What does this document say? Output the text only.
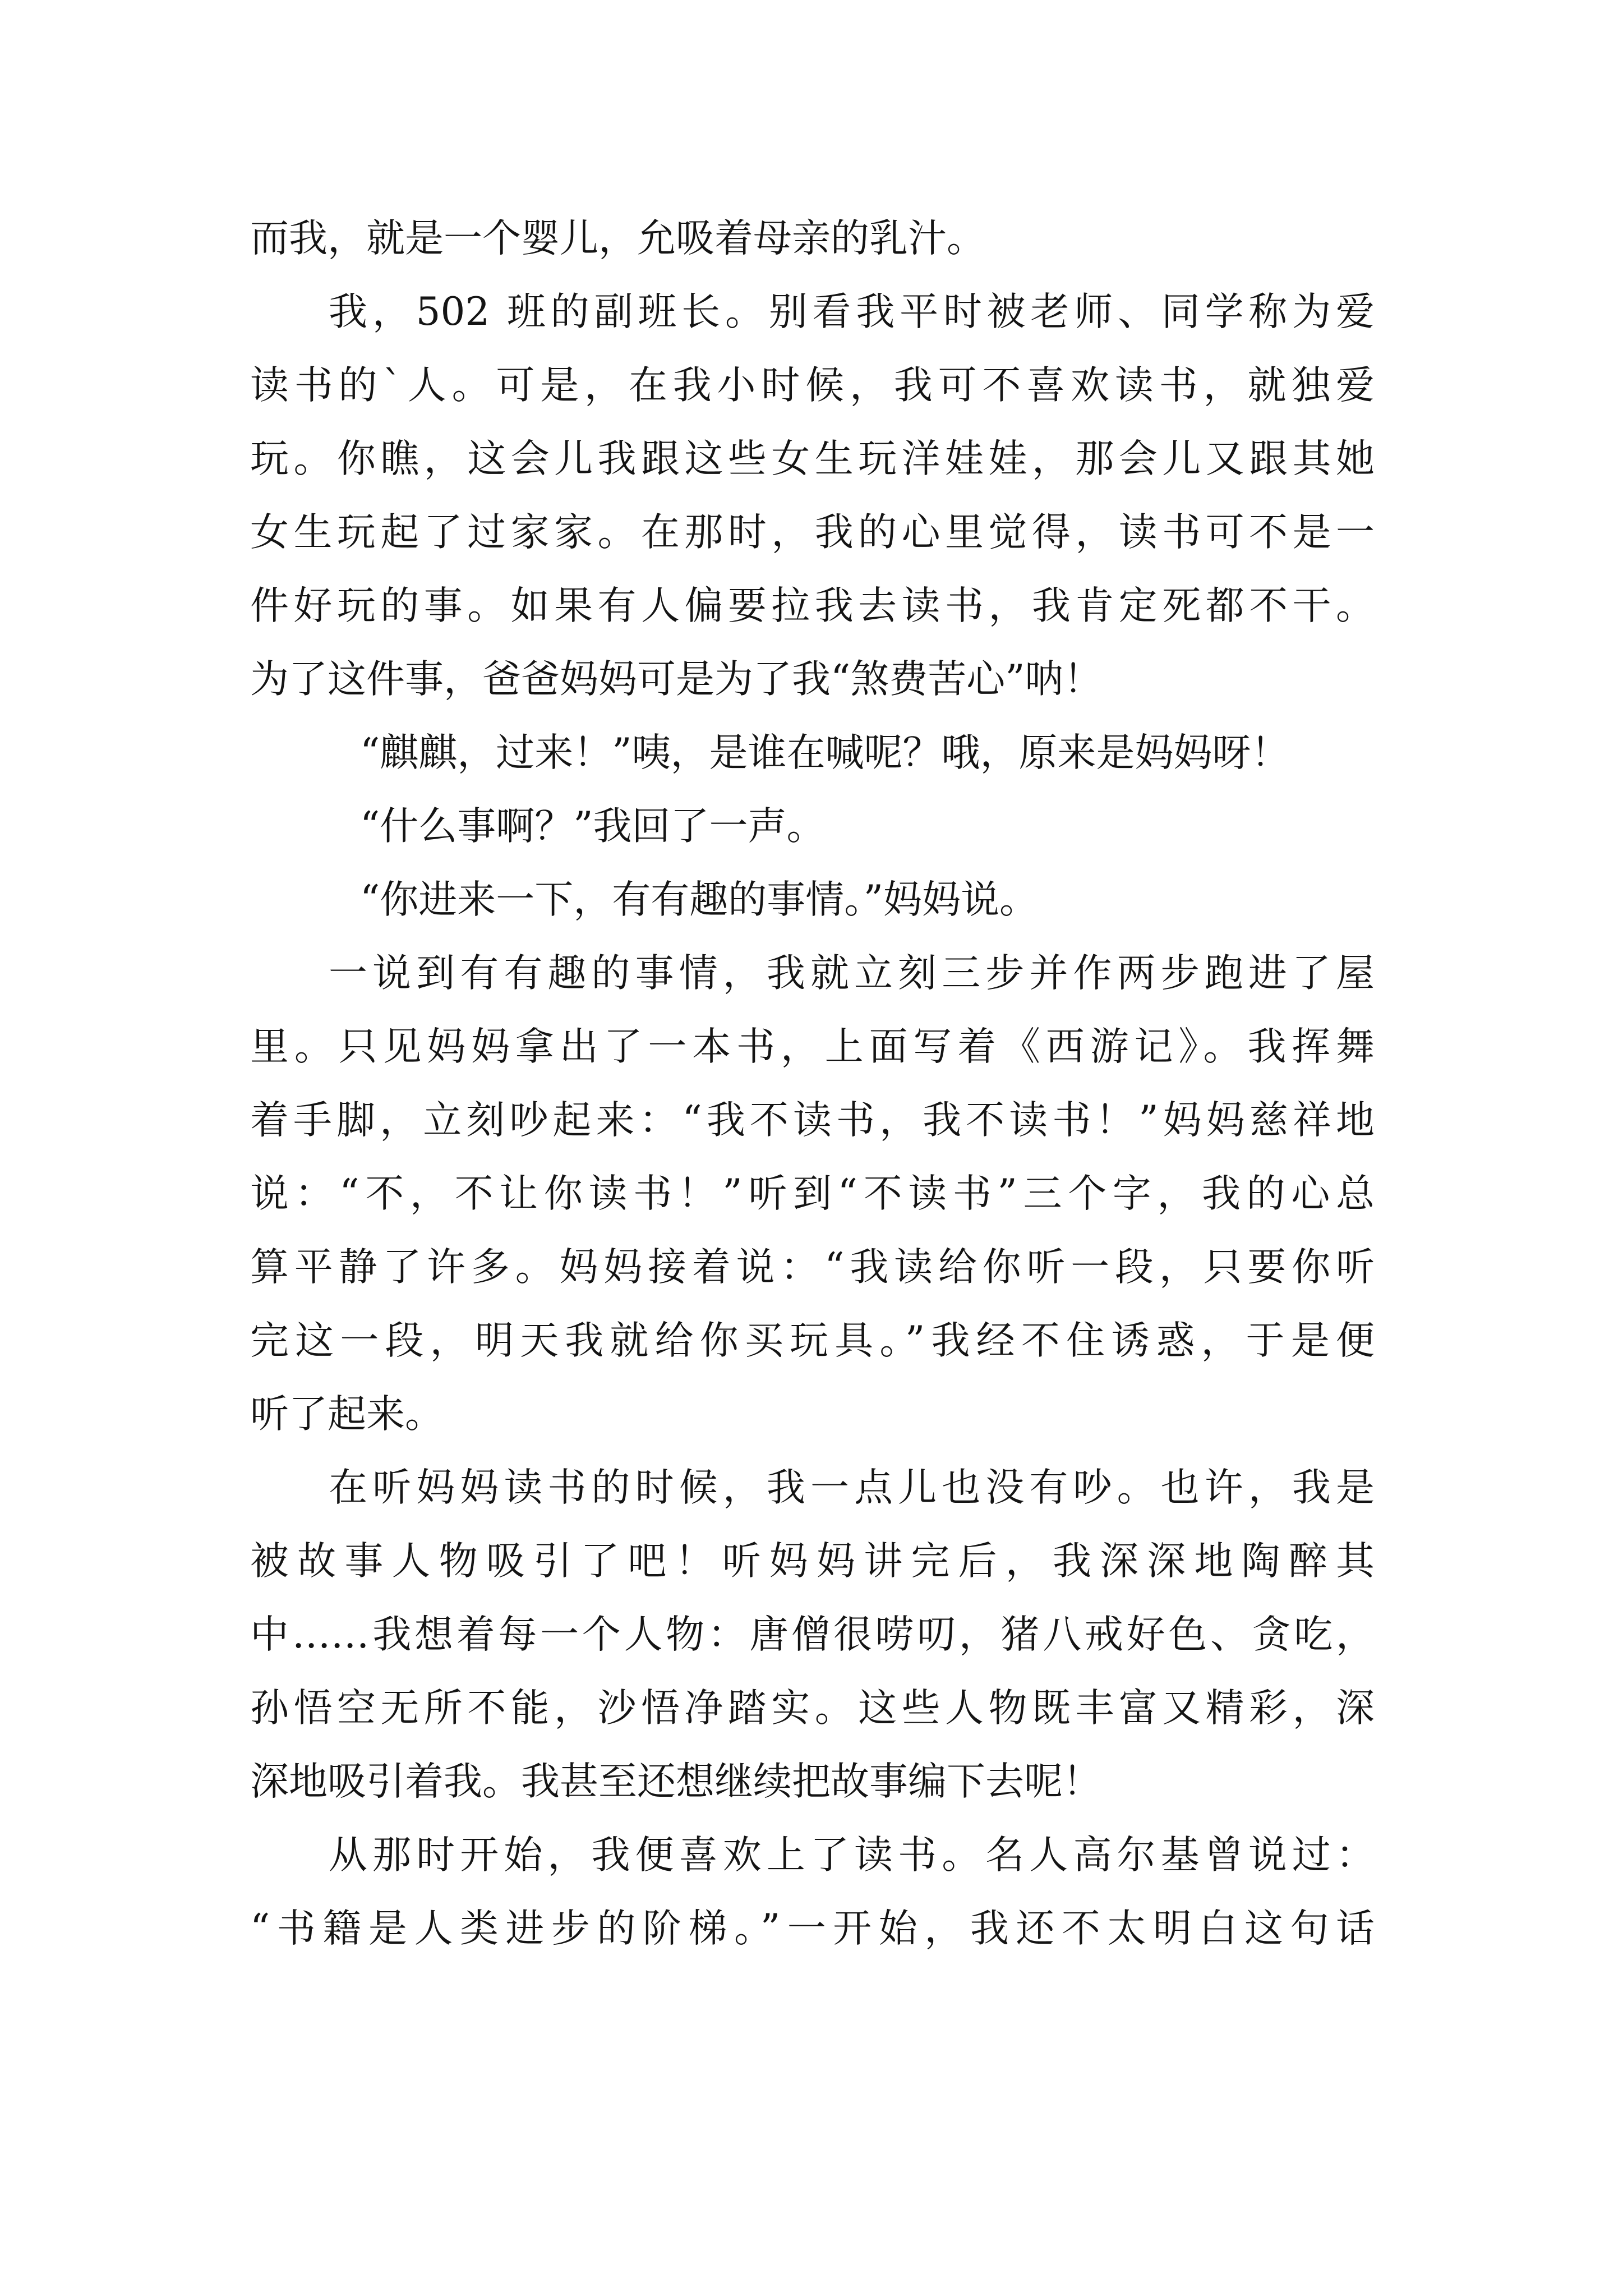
而我，就是一个婴儿，允吸着母亲的乳汁。
我，502 班的副班长。别看我平时被老师、同学称为爱
读书的`人。可是，在我小时候，我可不喜欢读书，就独爱
玩。你瞧，这会儿我跟这些女生玩洋娃娃，那会儿又跟其她
女生玩起了过家家。在那时，我的心里觉得，读书可不是一
件好玩的事。如果有人偏要拉我去读书，我肯定死都不干。
为了这件事，爸爸妈妈可是为了我“煞费苦心”呐！
“麒麒，过来！”咦，是谁在喊呢？哦，原来是妈妈呀！
“什么事啊？”我回了一声。
“你进来一下，有有趣的事情。”妈妈说。
一说到有有趣的事情，我就立刻三步并作两步跑进了屋
里。只见妈妈拿出了一本书，上面写着《西游记》。我挥舞
着手脚，立刻吵起来：“我不读书，我不读书！”妈妈慈祥地
说：“不，不让你读书！”听到“不读书”三个字，我的心总
算平静了许多。妈妈接着说：“我读给你听一段，只要你听
完这一段，明天我就给你买玩具。”我经不住诱惑，于是便
听了起来。
在听妈妈读书的时候，我一点儿也没有吵。也许，我是
被故事人物吸引了吧！听妈妈讲完后，我深深地陶醉其
中……我想着每一个人物：唐僧很唠叨，猪八戒好色、贪吃，
孙悟空无所不能，沙悟净踏实。这些人物既丰富又精彩，深
深地吸引着我。我甚至还想继续把故事编下去呢！
从那时开始，我便喜欢上了读书。名人高尔基曾说过：
“书籍是人类进步的阶梯。”一开始，我还不太明白这句话
